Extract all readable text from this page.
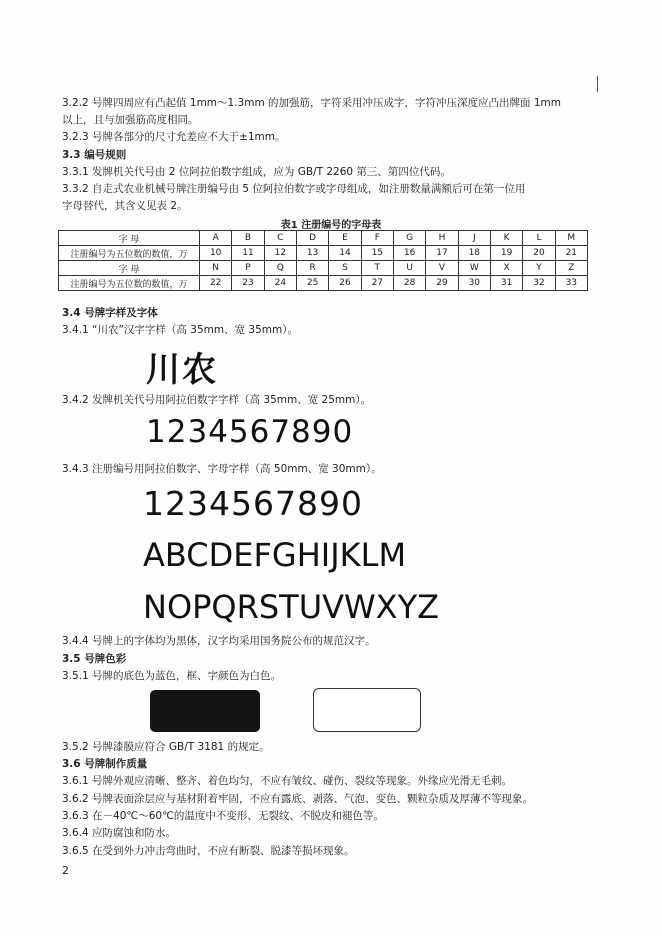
3.2.2 号牌四周应有凸起值 1mm～1.3mm 的加强筋，字符采用冲压成字，字符冲压深度应凸出牌面 1mm
以上，且与加强筋高度相同。
3.2.3 号牌各部分的尺寸允差应不大于±1mm。
3.3 编号规则
3.3.1 发牌机关代号由 2 位阿拉伯数字组成，应为 GB/T 2260 第三、第四位代码。
3.3.2 自走式农业机械号牌注册编号由 5 位阿拉伯数字或字母组成，如注册数量满额后可在第一位用
字母替代，其含义见表 2。
表1 注册编号的字母表
字 母	A	B	C	D	E	F	G	H	J	K	L	M
注册编号为五位数的数值，万	10	11	12	13	14	15	16	17	18	19	20	21
字 母	N	P	Q	R	S	T	U	V	W	X	Y	Z
注册编号为五位数的数值，万	22	23	24	25	26	27	28	29	30	31	32	33
3.4 号牌字样及字体
3.4.1 “川农”汉字字样（高 35mm、宽 35mm）。
川农
3.4.2 发牌机关代号用阿拉伯数字字样（高 35mm、宽 25mm）。
1234567890
3.4.3 注册编号用阿拉伯数字、字母字样（高 50mm、宽 30mm）。
1234567890
ABCDEFGHIJKLM
NOPQRSTUVWXYZ
3.4.4 号牌上的字体均为黑体，汉字均采用国务院公布的规范汉字。
3.5 号牌色彩
3.5.1 号牌的底色为蓝色，框、字颜色为白色。
3.5.2 号牌漆膜应符合 GB/T 3181 的规定。
3.6 号牌制作质量
3.6.1 号牌外观应清晰、整齐、着色均匀，不应有皱纹、碰伤、裂纹等现象。外缘应光滑无毛刺。
3.6.2 号牌表面涂层应与基材附着牢固，不应有露底、剥落、气泡、变色、颗粒杂质及厚薄不等现象。
3.6.3 在－40℃～60℃的温度中不变形、无裂纹、不脱皮和褪色等。
3.6.4 应防腐蚀和防水。
3.6.5 在受到外力冲击弯曲时，不应有断裂、脱漆等损坏现象。
2
